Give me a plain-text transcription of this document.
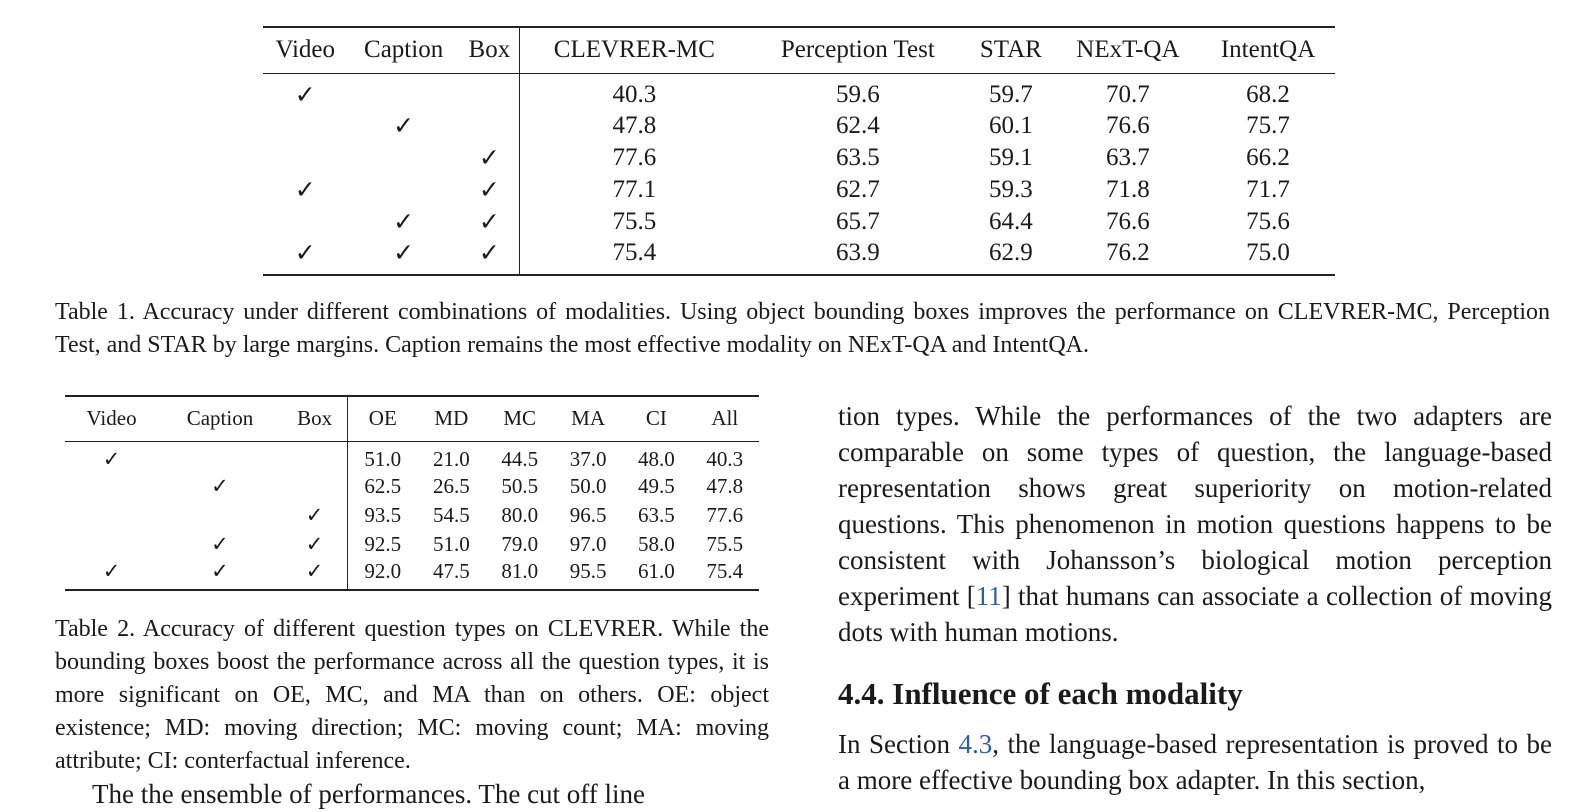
Video	Caption	Box	CLEVRER-MC	Perception Test	STAR	NExT-QA	IntentQA
✓			40.3	59.6	59.7	70.7	68.2
	✓		47.8	62.4	60.1	76.6	75.7
		✓	77.6	63.5	59.1	63.7	66.2
✓		✓	77.1	62.7	59.3	71.8	71.7
	✓	✓	75.5	65.7	64.4	76.6	75.6
✓	✓	✓	75.4	63.9	62.9	76.2	75.0

Table 1. Accuracy under different combinations of modalities. Using object bounding boxes improves the performance on CLEVRER-MC, Perception Test, and STAR by large margins. Caption remains the most effective modality on NExT-QA and IntentQA.

Video	Caption	Box	OE	MD	MC	MA	CI	All
✓			51.0	21.0	44.5	37.0	48.0	40.3
	✓		62.5	26.5	50.5	50.0	49.5	47.8
		✓	93.5	54.5	80.0	96.5	63.5	77.6
	✓	✓	92.5	51.0	79.0	97.0	58.0	75.5
✓	✓	✓	92.0	47.5	81.0	95.5	61.0	75.4

Table 2. Accuracy of different question types on CLEVRER. While the bounding boxes boost the performance across all the question types, it is more significant on OE, MC, and MA than on others. OE: object existence; MD: moving direction; MC: moving count; MA: moving attribute; CI: conterfactual inference.

tion types. While the performances of the two adapters are comparable on some types of question, the language-based representation shows great superiority on motion-related questions. This phenomenon in motion questions happens to be consistent with Johansson’s biological motion perception experiment [11] that humans can associate a collection of moving dots with human motions.

4.4. Influence of each modality

In Section 4.3, the language-based representation is proved to be a more effective bounding box adapter. In this section,

The the ensemble of performances. The cut off line
